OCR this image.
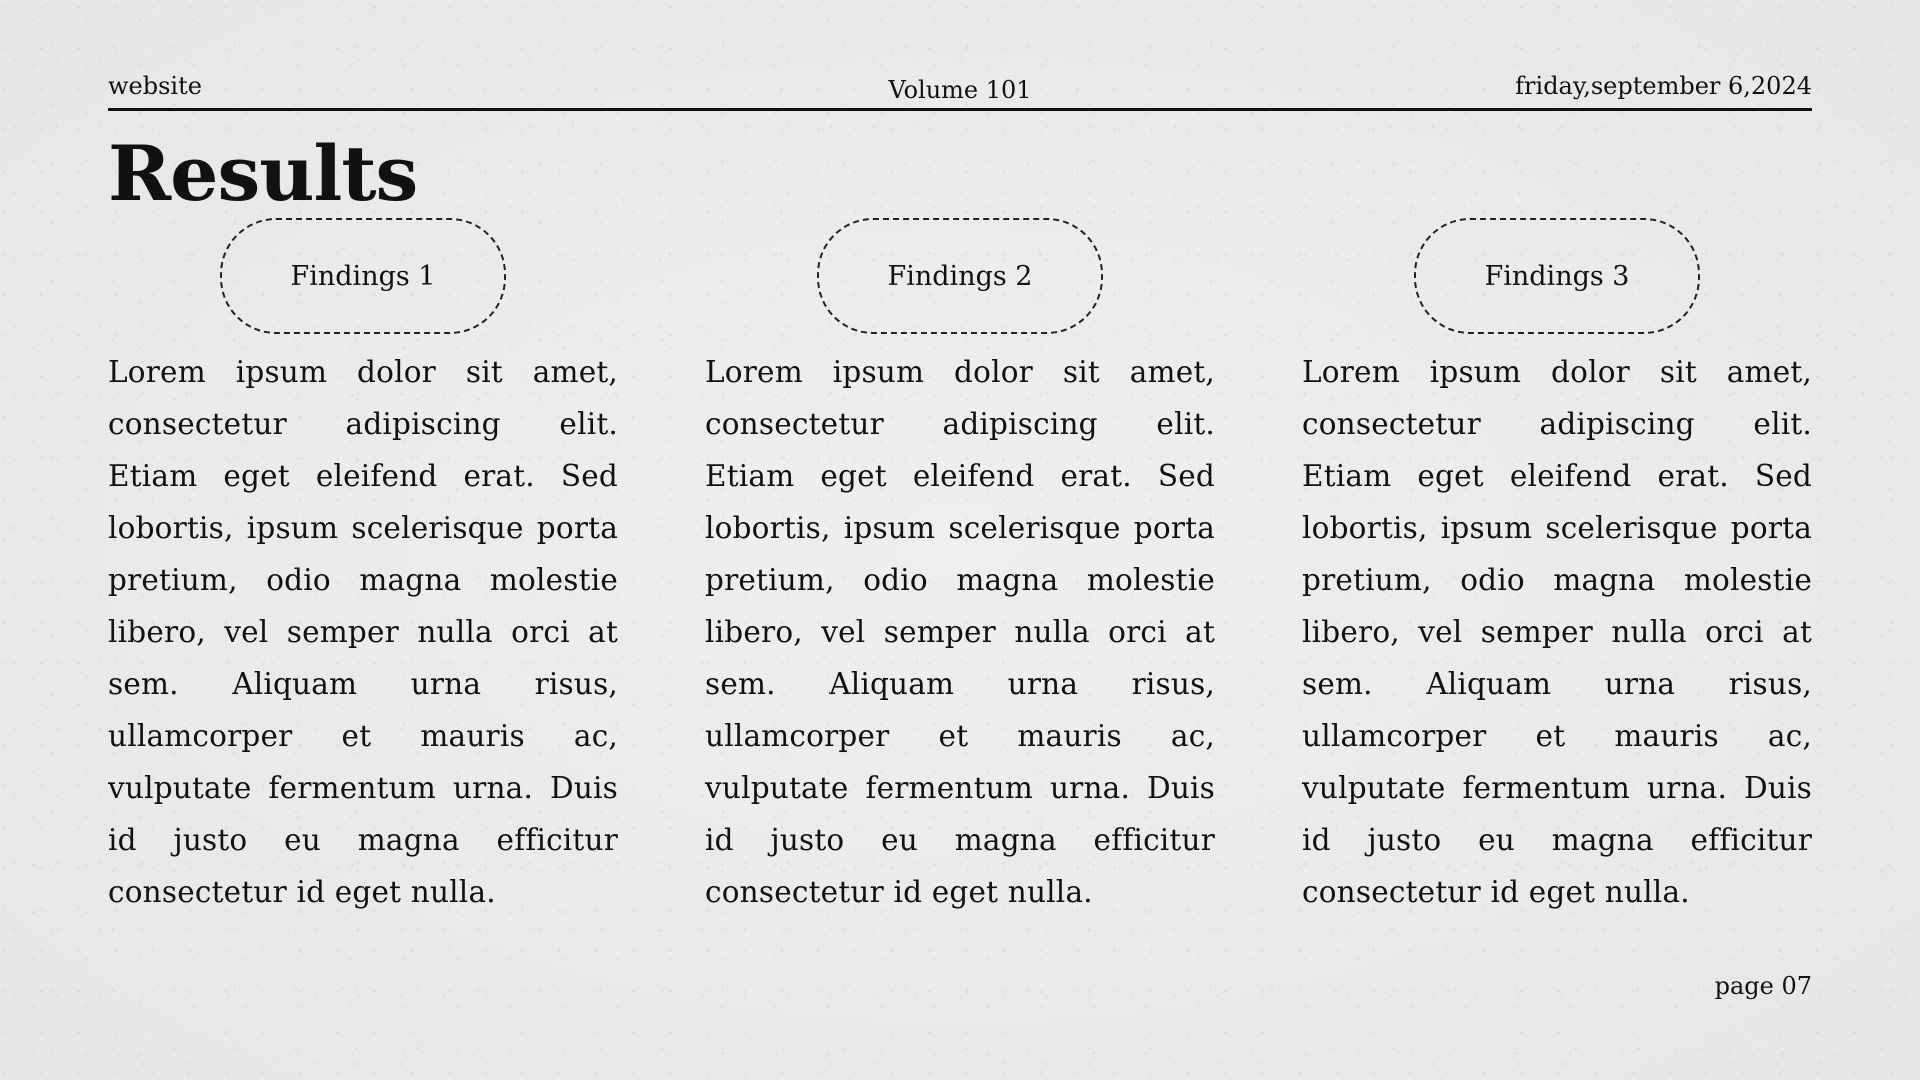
website	Volume 101	friday,september 6,2024
Results
Findings 1

Lorem ipsum dolor sit amet, consectetur adipiscing elit. Etiam eget eleifend erat. Sed lobortis, ipsum scelerisque porta pretium, odio magna molestie libero, vel semper nulla orci at sem. Aliquam urna risus, ullamcorper et mauris ac, vulputate fermentum urna. Duis id justo eu magna efficitur consectetur id eget nulla.

Findings 2

Lorem ipsum dolor sit amet, consectetur adipiscing elit. Etiam eget eleifend erat. Sed lobortis, ipsum scelerisque porta pretium, odio magna molestie libero, vel semper nulla orci at sem. Aliquam urna risus, ullamcorper et mauris ac, vulputate fermentum urna. Duis id justo eu magna efficitur consectetur id eget nulla.

Findings 3

Lorem ipsum dolor sit amet, consectetur adipiscing elit. Etiam eget eleifend erat. Sed lobortis, ipsum scelerisque porta pretium, odio magna molestie libero, vel semper nulla orci at sem. Aliquam urna risus, ullamcorper et mauris ac, vulputate fermentum urna. Duis id justo eu magna efficitur consectetur id eget nulla.

page 07
